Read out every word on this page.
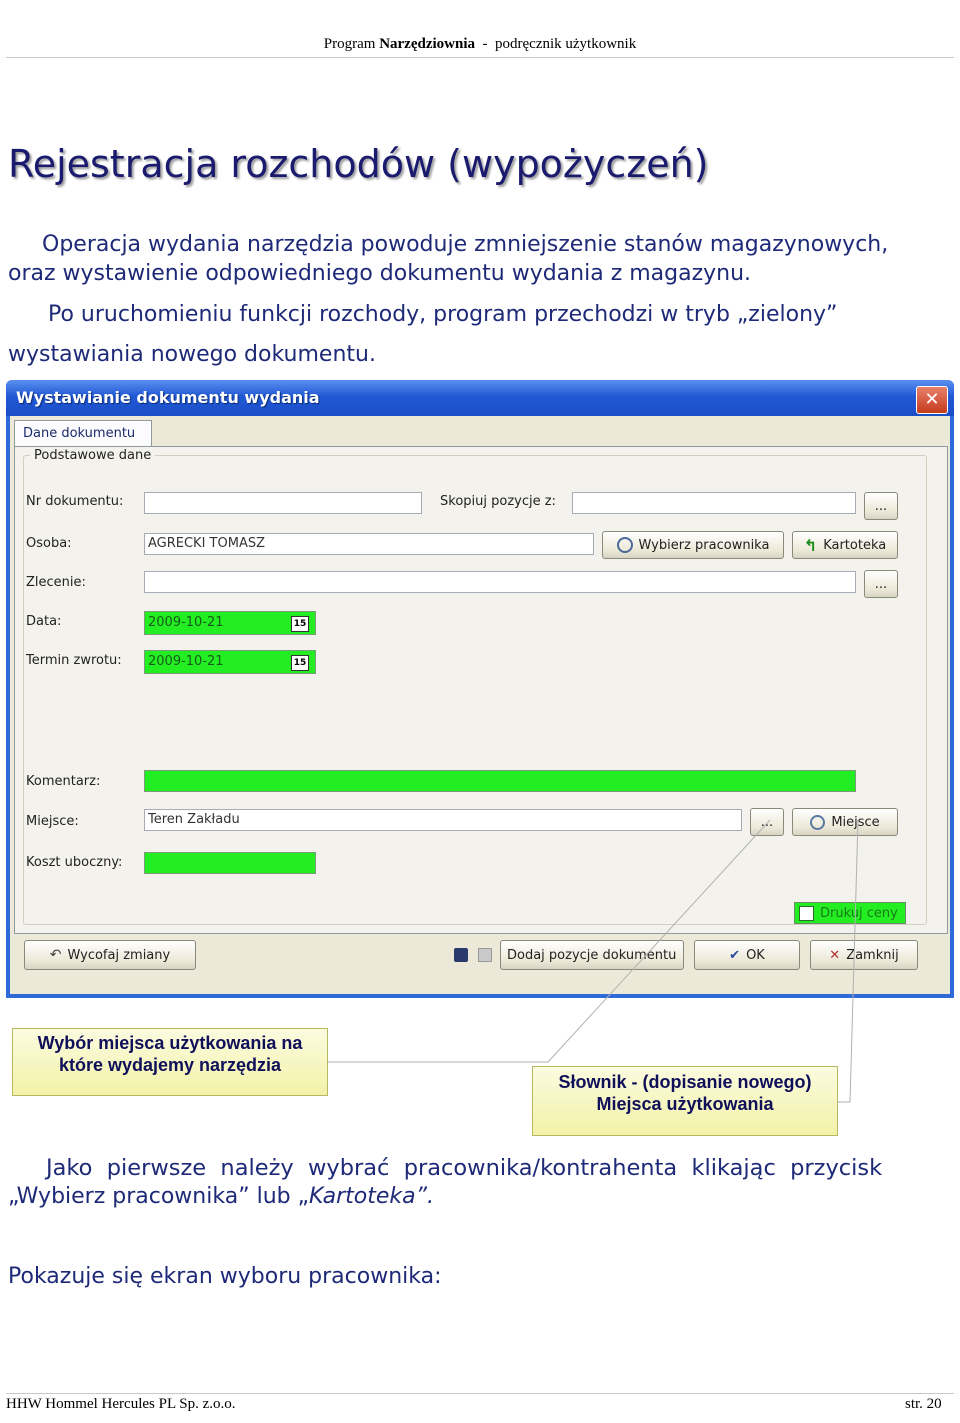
Program Narzędziownia  -  podręcznik użytkownik
Rejestracja rozchodów (wypożyczeń)
Operacja wydania narzędzia powoduje zmniejszenie stanów magazynowych,
oraz wystawienie odpowiedniego dokumentu wydania z magazynu.
Po uruchomieniu funkcji rozchody, program przechodzi w tryb „zielony”
wystawiania nowego dokumentu.
Wystawianie dokumentu wydania	✕
Dane dokumentu
Podstawowe dane
Nr dokumentu:	Skopiuj pozycje z:	...
Osoba:	AGRECKI TOMASZ	Wybierz pracownika ↰ Kartoteka
Zlecenie:	...
Data:	2009-10-21	15
Termin zwrotu:	2009-10-21	15
Komentarz:
Miejsce:	Teren Zakładu	...	Miejsce
Koszt uboczny:
Drukuj ceny
↶ Wycofaj zmiany	Dodaj pozycje dokumentu	✔ OK	✕ Zamknij
Wybór miejsca użytkowania na
które wydajemy narzędzia
Słownik - (dopisanie nowego)
Miejsca użytkowania
Jako  pierwsze  należy  wybrać  pracownika/kontrahenta  klikając  przycisk
„Wybierz pracownika” lub „Kartoteka”.
Pokazuje się ekran wyboru pracownika:
HHW Hommel Hercules PL Sp. z.o.o.	str. 20
